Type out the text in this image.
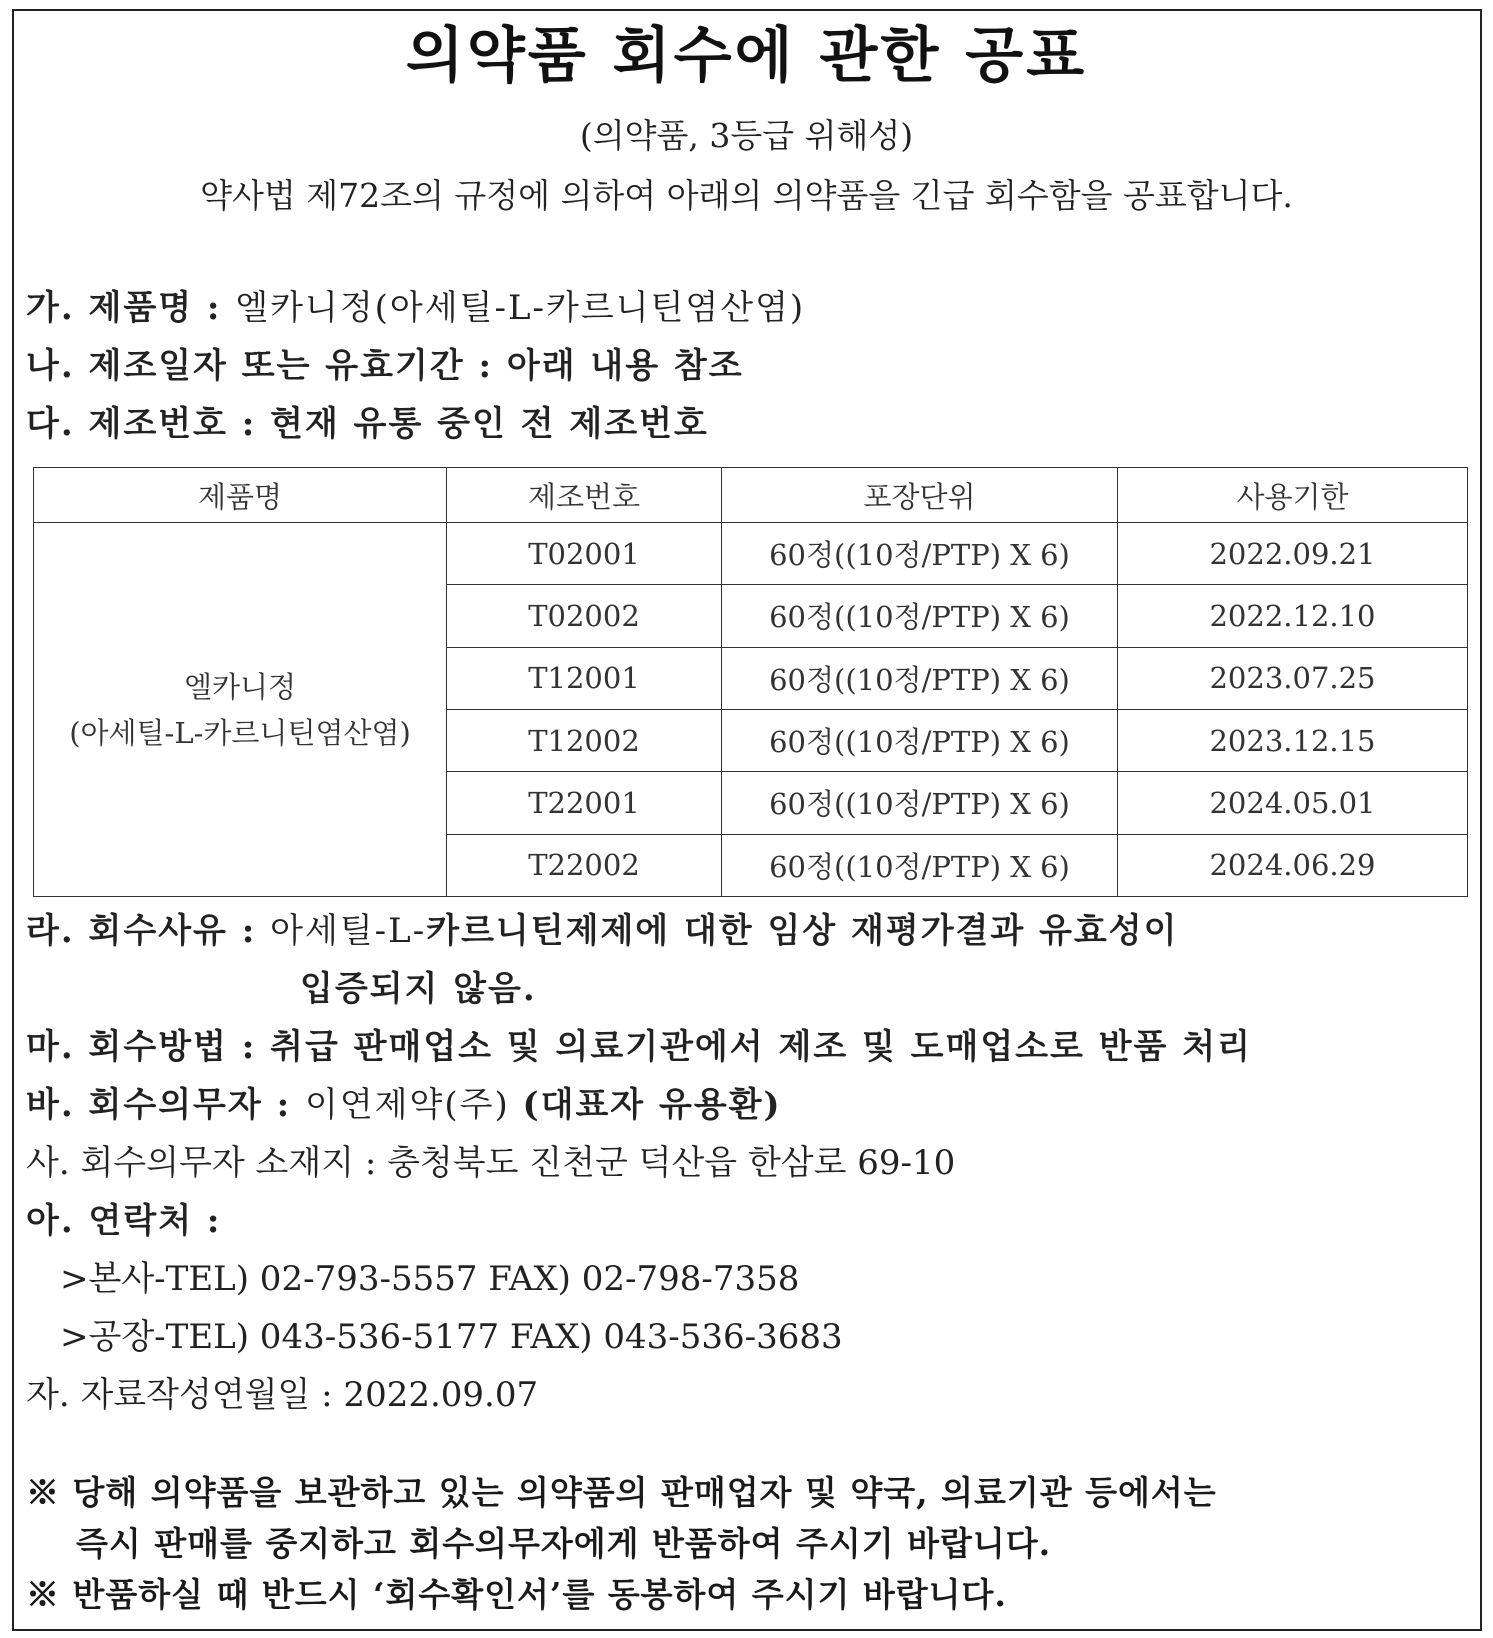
의약품 회수에 관한 공표
(의약품, 3등급 위해성)
약사법 제72조의 규정에 의하여 아래의 의약품을 긴급 회수함을 공표합니다.
가. 제품명 : 엘카니정(아세틸-L-카르니틴염산염)
나. 제조일자 또는 유효기간 : 아래 내용 참조
다. 제조번호 : 현재 유통 중인 전 제조번호
제품명	제조번호	포장단위	사용기한

엘카니정
(아세틸-L-카르니틴염산염)	T02001	60정((10정/PTP) X 6)	2022.09.21
	T02002	60정((10정/PTP) X 6)	2022.12.10
	T12001	60정((10정/PTP) X 6)	2023.07.25
	T12002	60정((10정/PTP) X 6)	2023.12.15
	T22001	60정((10정/PTP) X 6)	2024.05.01
	T22002	60정((10정/PTP) X 6)	2024.06.29
라. 회수사유 : 아세틸-L-카르니틴제제에 대한 임상 재평가결과 유효성이
입증되지 않음.
마. 회수방법 : 취급 판매업소 및 의료기관에서 제조 및 도매업소로 반품 처리
바. 회수의무자 : 이연제약(주) (대표자 유용환)
사. 회수의무자 소재지 : 충청북도 진천군 덕산읍 한삼로 69-10
아. 연락처 :
>본사-TEL) 02-793-5557 FAX) 02-798-7358
>공장-TEL) 043-536-5177 FAX) 043-536-3683
자. 자료작성연월일 : 2022.09.07
※ 당해 의약품을 보관하고 있는 의약품의 판매업자 및 약국, 의료기관 등에서는
즉시 판매를 중지하고 회수의무자에게 반품하여 주시기 바랍니다.
※ 반품하실 때 반드시 ‘회수확인서’를 동봉하여 주시기 바랍니다.
